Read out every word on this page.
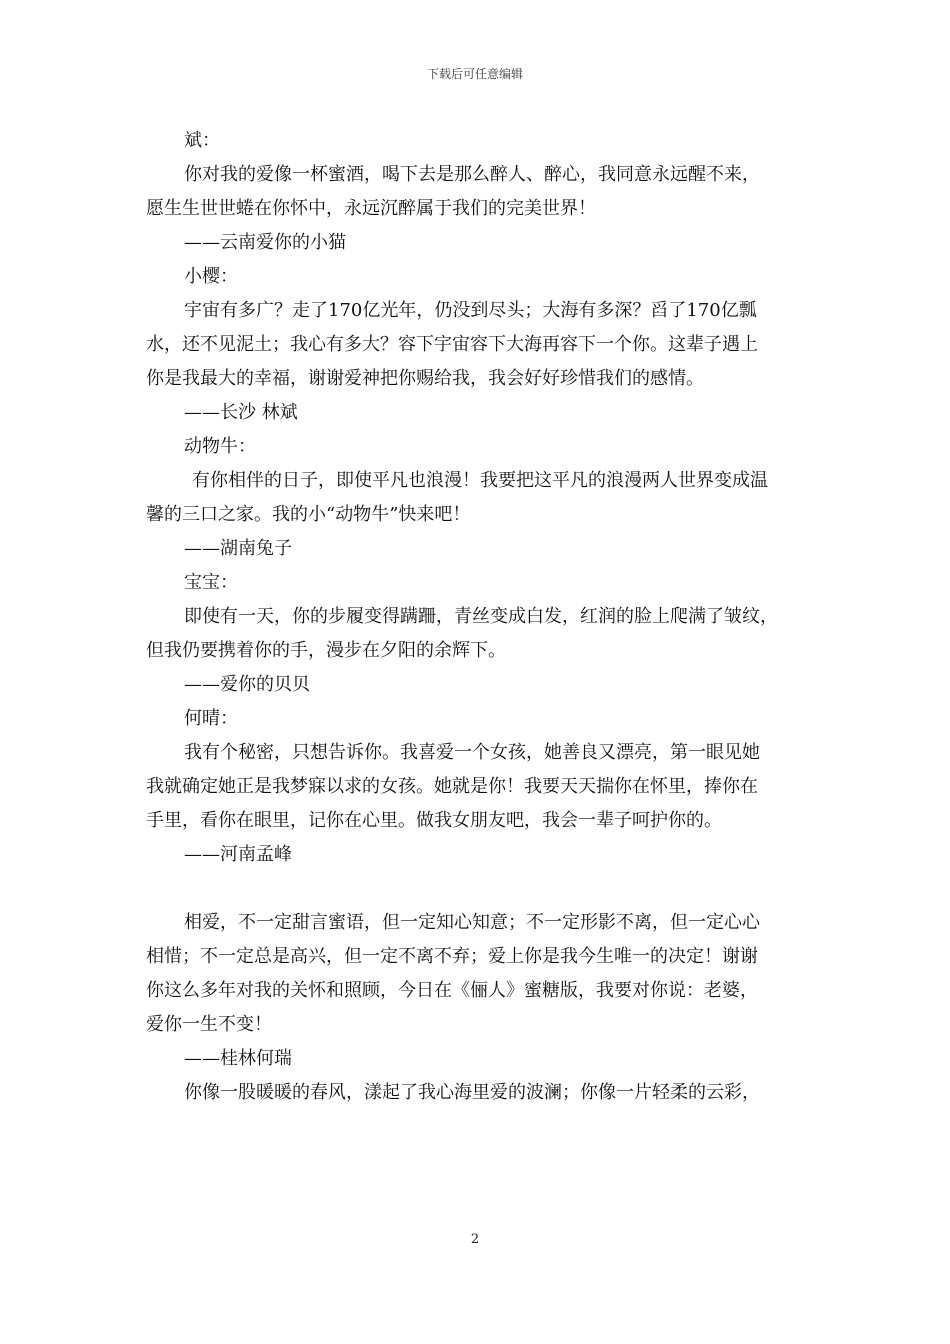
下载后可任意编辑
斌：
你对我的爱像一杯蜜酒，喝下去是那么醉人、醉心，我同意永远醒不来，
愿生生世世蜷在你怀中，永远沉醉属于我们的完美世界！
——云南爱你的小猫
小樱：
宇宙有多广？走了170亿光年，仍没到尽头；大海有多深？舀了170亿瓢
水，还不见泥土；我心有多大？容下宇宙容下大海再容下一个你。这辈子遇上
你是我最大的幸福，谢谢爱神把你赐给我，我会好好珍惜我们的感情。
——长沙 林斌
动物牛：
有你相伴的日子，即使平凡也浪漫！我要把这平凡的浪漫两人世界变成温
馨的三口之家。我的小“动物牛”快来吧！
——湖南兔子
宝宝：
即使有一天，你的步履变得蹒跚，青丝变成白发，红润的脸上爬满了皱纹，
但我仍要携着你的手，漫步在夕阳的余辉下。
——爱你的贝贝
何晴：
我有个秘密，只想告诉你。我喜爱一个女孩，她善良又漂亮，第一眼见她
我就确定她正是我梦寐以求的女孩。她就是你！我要天天揣你在怀里，捧你在
手里，看你在眼里，记你在心里。做我女朋友吧，我会一辈子呵护你的。
——河南孟峰
相爱，不一定甜言蜜语，但一定知心知意；不一定形影不离，但一定心心
相惜；不一定总是高兴，但一定不离不弃；爱上你是我今生唯一的决定！谢谢
你这么多年对我的关怀和照顾，今日在《俪人》蜜糖版，我要对你说：老婆，
爱你一生不变！
——桂林何瑞
你像一股暖暖的春风，漾起了我心海里爱的波澜；你像一片轻柔的云彩，
2
